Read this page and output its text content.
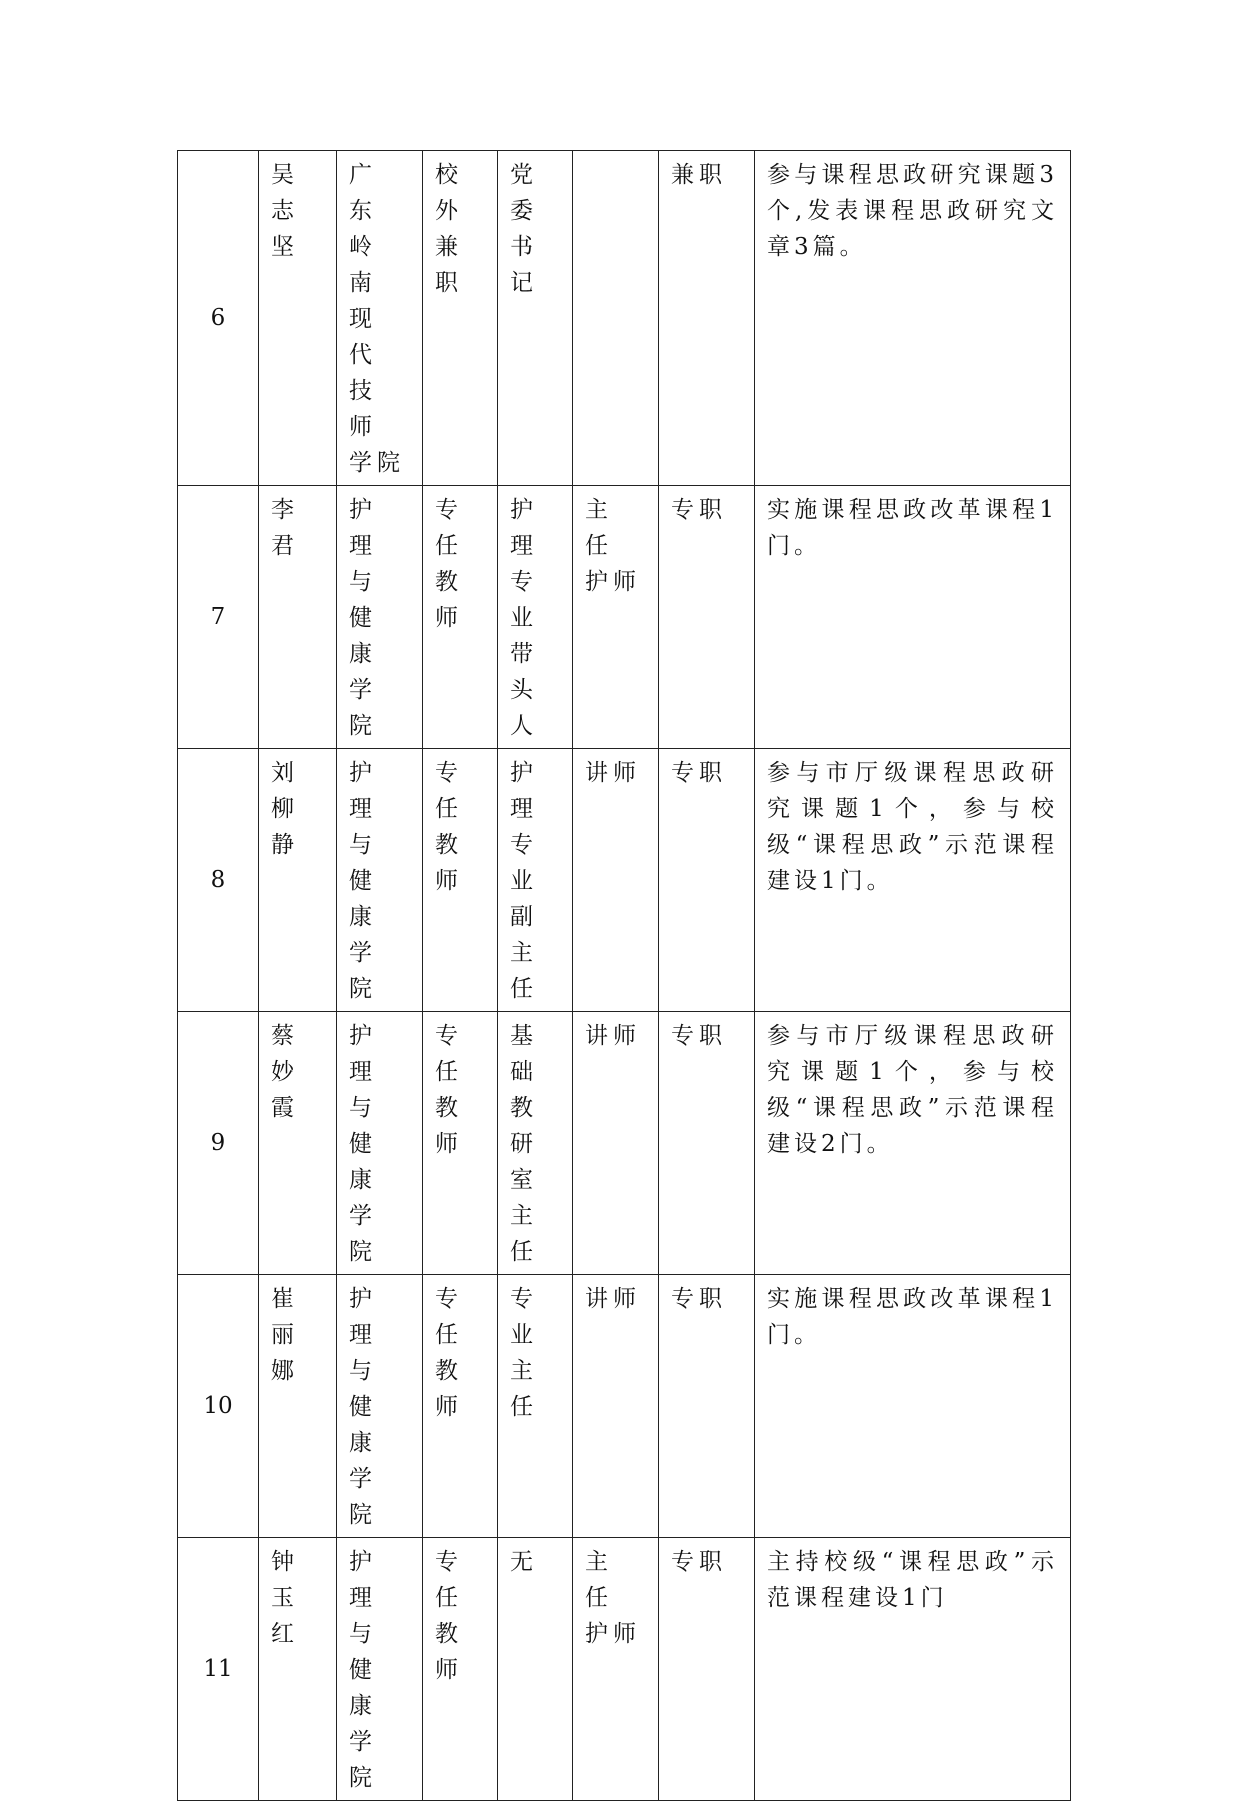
6	吴志坚	广 东 岭 南 现 代 技 师 学院	校外兼职	党委书记		兼职	参与课程思政研究课题3个,发表课程思政研究文章3篇。
7	李君	护 理 与 健 康 学 院	专任教师	护理专业带头人	主 任 护师	专职	实施课程思政改革课程1门。
8	刘柳静	护 理 与 健 康 学 院	专任教师	护理专业副主任	讲师	专职	参与市厅级课程思政研究课题1个，参与校级“课程思政”示范课程建设1门。
9	蔡妙霞	护 理 与 健 康 学 院	专任教师	基础教研室主任	讲师	专职	参与市厅级课程思政研究课题1个，参与校级“课程思政”示范课程建设2门。
10	崔丽娜	护 理 与 健 康 学 院	专任教师	专业主任	讲师	专职	实施课程思政改革课程1门。
11	钟玉红	护 理 与 健 康 学 院	专任教师	无	主 任 护师	专职	主持校级“课程思政”示范课程建设1门
